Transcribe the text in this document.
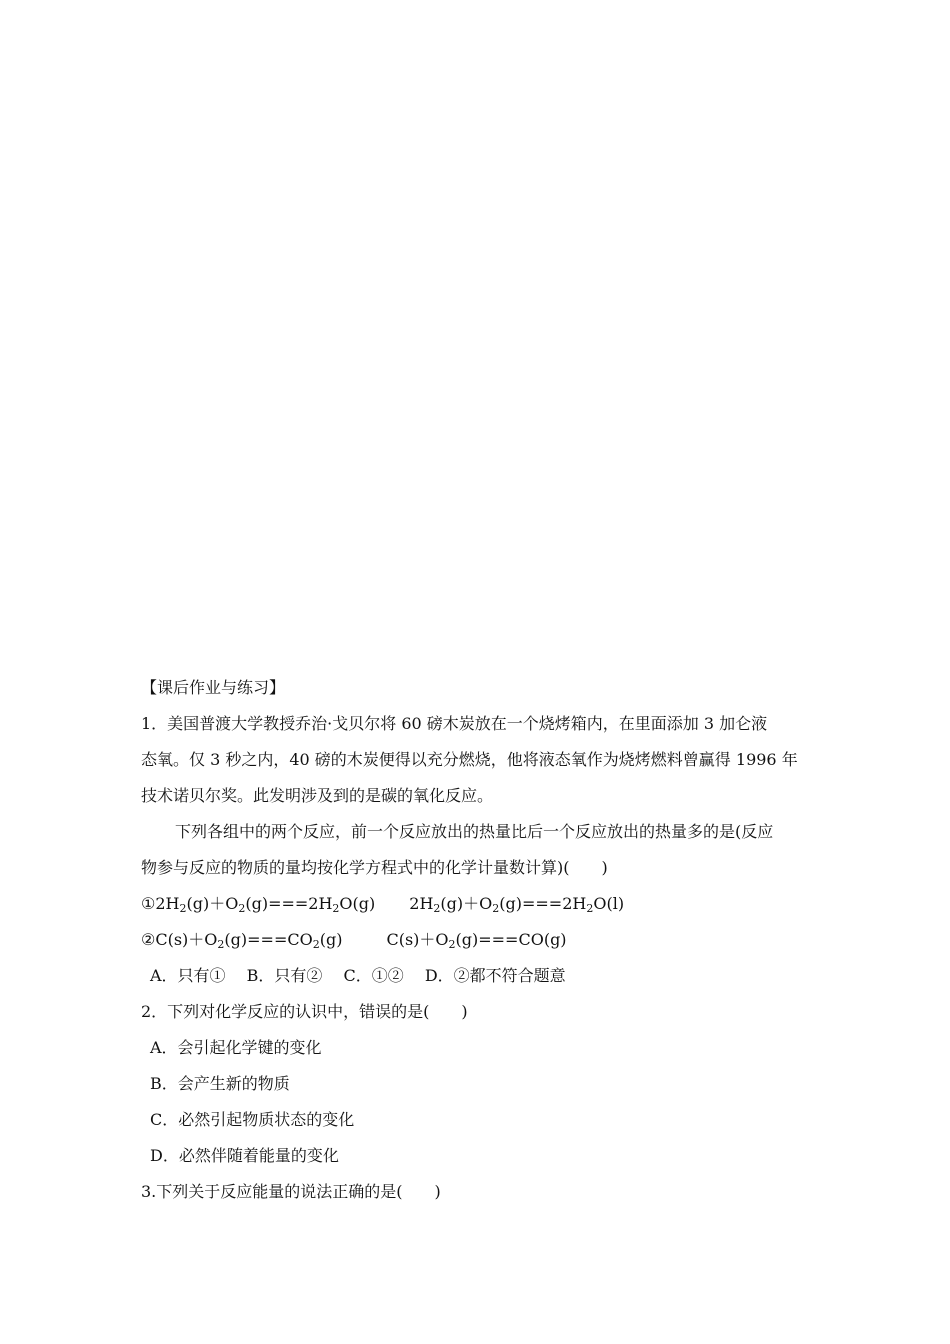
【课后作业与练习】
1．美国普渡大学教授乔治·戈贝尔将 60 磅木炭放在一个烧烤箱内，在里面添加 3 加仑液
态氧。仅 3 秒之内，40 磅的木炭便得以充分燃烧，他将液态氧作为烧烤燃料曾赢得 1996 年
技术诺贝尔奖。此发明涉及到的是碳的氧化反应。
下列各组中的两个反应，前一个反应放出的热量比后一个反应放出的热量多的是(反应
物参与反应的物质的量均按化学方程式中的化学计量数计算)(　　)
$①2H_2(g)+O_2(g)===2H_2O(g)$ $2H_2(g)+O_2(g)===2H_2O(l)$
$②C(s)+O_2(g)===CO_2(g)$	$C(s)+O_2(g)===CO(g)$
A．只有①　 B．只有②　 C．①②　 D．②都不符合题意
2．下列对化学反应的认识中，错误的是(　　)
A．会引起化学键的变化
B．会产生新的物质
C．必然引起物质状态的变化
D．必然伴随着能量的变化
3.下列关于反应能量的说法正确的是(　　)
